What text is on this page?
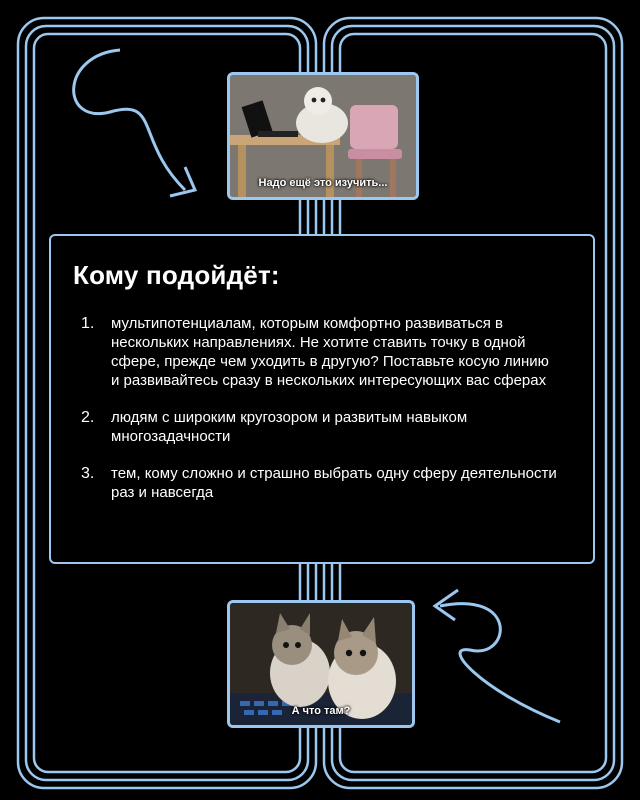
Надо ещё это изучить...
Кому подойдёт:
1. мультипотенциалам, которым комфортно развиваться в нескольких направлениях. Не хотите ставить точку в одной сфере, прежде чем уходить в другую? Поставьте косую линию и развивайтесь сразу в нескольких интересующих вас сферах
2. людям с широким кругозором и развитым навыком многозадачности
3. тем, кому сложно и страшно выбрать одну сферу деятельности раз и навсегда
А что там?
